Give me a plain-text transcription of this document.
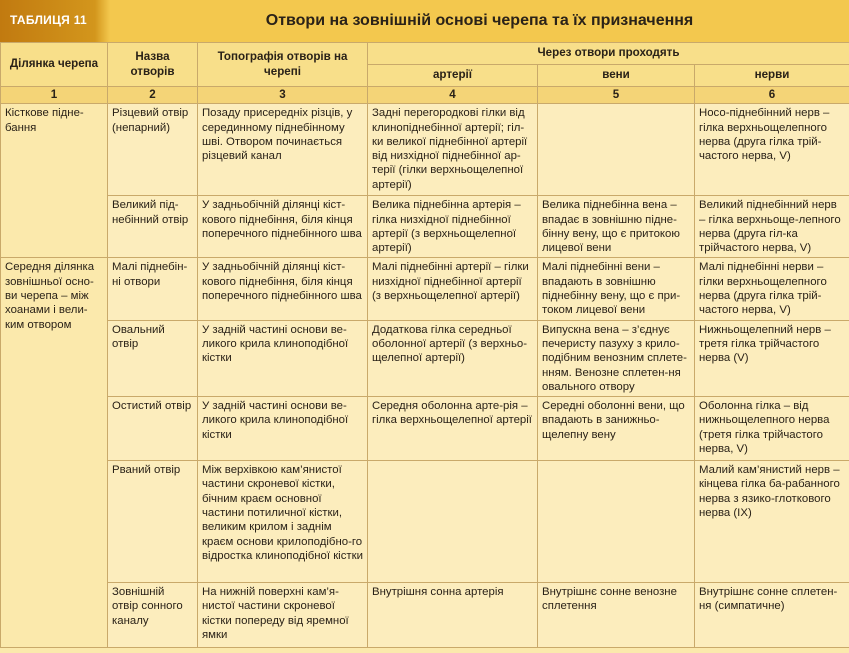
ТАБЛИЦЯ 11	Отвори на зовнішній основі черепа та їх призначення
Ділянка черепа	Назва отворів	Топографія отворів на черепі	Через отвори проходять		
			артерії	вени	нерви
1	2	3	4	5	6
Кісткове підне-бання	Різцевий отвір (непарний)	Позаду присередніх різців, у серединному піднебінному шві. Отвором починається різцевий канал	Задні перегородкові гілки від клинопіднебінної артерії; гіл-ки великої піднебінної артерії від низхідної піднебінної ар-терії (гілки верхньощелепної артерії)		Носо-піднебінний нерв – гілка верхньощелепного нерва (друга гілка трій-частого нерва, V)
	Великий під-небінний отвір	У задньобічній ділянці кіст-кового піднебіння, біля кінця поперечного піднебінного шва	Велика піднебінна артерія – гілка низхідної піднебінної артерії (з верхньощелепної артерії)	Велика піднебінна вена – впадає в зовнішню підне-бінну вену, що є притокою лицевої вени	Великий піднебінний нерв – гілка верхньоще-лепного нерва (друга гіл-ка трійчастого нерва, V)
Середня ділянка зовнішньої осно-ви черепа – між хоанами і вели-ким отвором	Малі піднебін-ні отвори	У задньобічній ділянці кіст-кового піднебіння, біля кінця поперечного піднебінного шва	Малі піднебінні артерії – гілки низхідної піднебінної артерії (з верхньощелепної артерії)	Малі піднебінні вени – впадають в зовнішню піднебінну вену, що є при-током лицевої вени	Малі піднебінні нерви – гілки верхньощелепного нерва (друга гілка трій-частого нерва, V)
	Овальний отвір	У задній частині основи ве-ликого крила клиноподібної кістки	Додаткова гілка середньої оболонної артерії (з верхньо-щелепної артерії)	Випускна вена – з’єднує печеристу пазуху з крило-подібним венозним сплете-нням. Венозне сплетен-ня овального отвору	Нижньощелепний нерв – третя гілка трійчастого нерва (V)
	Остистий отвір	У задній частині основи ве-ликого крила клиноподібної кістки	Середня оболонна арте-рія – гілка верхньощелепної артерії	Середні оболонні вени, що впадають в занижньо-щелепну вену	Оболонна гілка – від нижньощелепного нерва (третя гілка трійчастого нерва, V)
	Рваний отвір	Між верхівкою кам’янистої частини скроневої кістки, бічним краєм основної частини потиличної кістки, великим крилом і заднім краєм основи крилоподібно-го відростка клиноподібної кістки			Малий кам’янистий нерв – кінцева гілка ба-рабанного нерва з язико-глоткового нерва (IX)
	Зовнішній отвір сонного каналу	На нижній поверхні кам’я-нистої частини скроневої кістки попереду від яремної ямки	Внутрішня сонна артерія	Внутрішнє сонне венозне сплетення	Внутрішнє сонне сплетен-ня (симпатичне)
